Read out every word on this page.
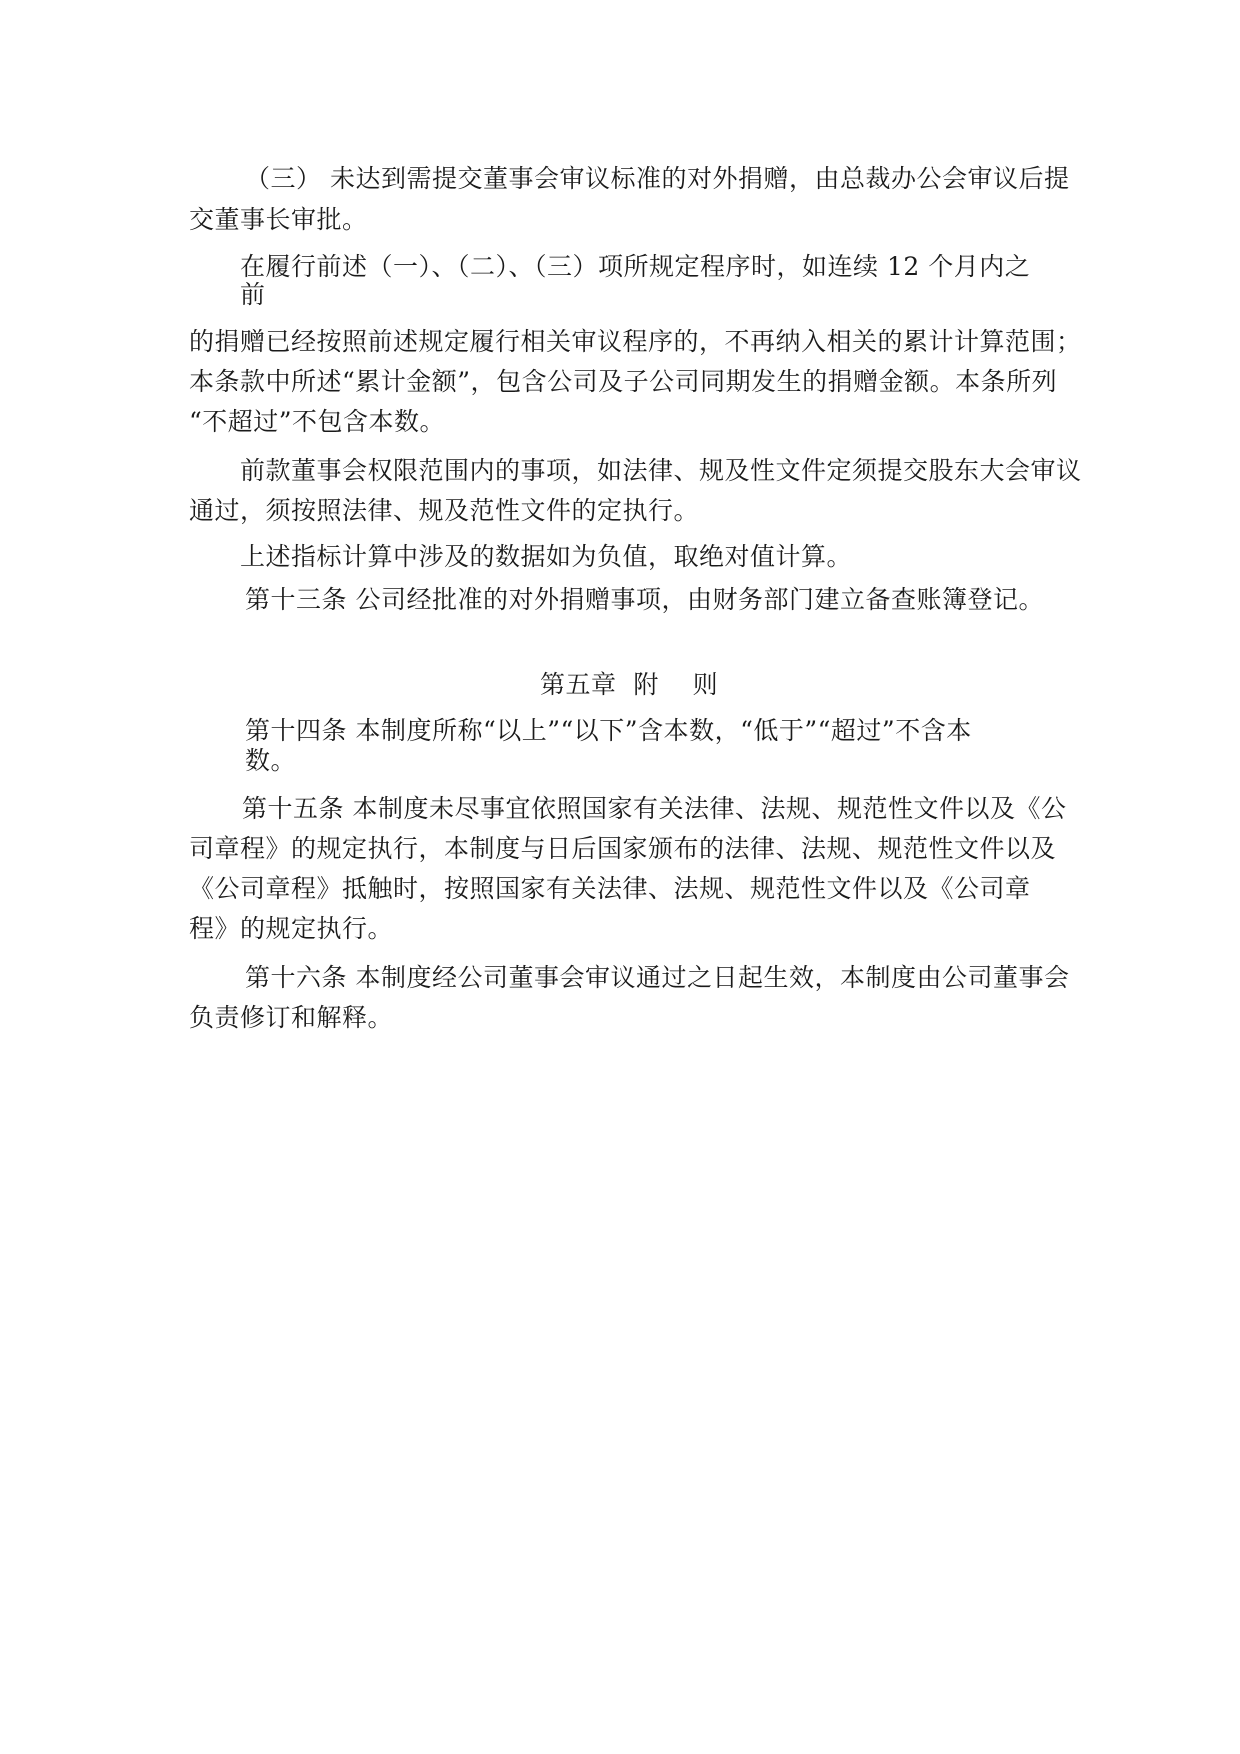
（三） 未达到需提交董事会审议标准的对外捐赠，由总裁办公会审议后提
交董事长审批。
在履行前述（一）、（二）、（三）项所规定程序时，如连续 12 个月内之
前
的捐赠已经按照前述规定履行相关审议程序的，不再纳入相关的累计计算范围；
本条款中所述“累计金额”，包含公司及子公司同期发生的捐赠金额。本条所列
“不超过”不包含本数。
前款董事会权限范围内的事项，如法律、规及性文件定须提交股东大会审议
通过，须按照法律、规及范性文件的定执行。
上述指标计算中涉及的数据如为负值，取绝对值计算。
第十三条 公司经批准的对外捐赠事项，由财务部门建立备查账簿登记。
第五章  附    则
第十四条 本制度所称“以上”“以下”含本数，“低于”“超过”不含本
数。
第十五条 本制度未尽事宜依照国家有关法律、法规、规范性文件以及《公
司章程》的规定执行，本制度与日后国家颁布的法律、法规、规范性文件以及
《公司章程》抵触时，按照国家有关法律、法规、规范性文件以及《公司章
程》的规定执行。
第十六条 本制度经公司董事会审议通过之日起生效，本制度由公司董事会
负责修订和解释。
